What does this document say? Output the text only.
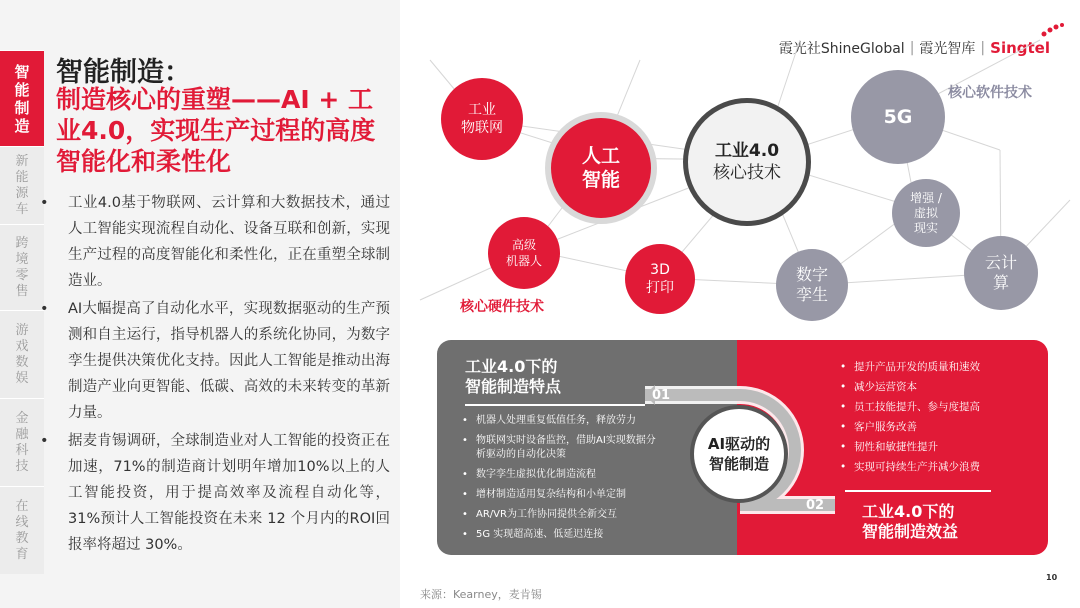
智
能
制
造
新
能
源
车
跨
境
零
售
游
戏
数
娱
金
融
科
技
在
线
教
育
智能制造：
制造核心的重塑——AI + 工业4.0，实现生产过程的高度智能化和柔性化
• 工业4.0基于物联网、云计算和大数据技术，通过人工智能实现流程自动化、设备互联和创新，实现生产过程的高度智能化和柔性化，正在重塑全球制造业。
• AI大幅提高了自动化水平，实现数据驱动的生产预测和自主运行，指导机器人的系统化协同，为数字孪生提供决策优化支持。因此人工智能是推动出海制造产业向更智能、低碳、高效的未来转变的革新力量。
• 据麦肯锡调研，全球制造业对人工智能的投资正在加速，71%的制造商计划明年增加10%以上的人工智能投资，用于提高效率及流程自动化等，31%预计人工智能投资在未来 12 个月内的ROI回报率将超过 30%。
霞光社ShineGlobal | 霞光智库 | Singtel
工业
物联网
人工
智能
高级
机器人
3D
打印
工业4.0
核心技术
5G
增强 /
虚拟
现实
数字
孪生
云计
算
核心硬件技术
核心软件技术
工业4.0下的
智能制造特点
• 机器人处理重复低值任务，释放劳力
• 物联网实时设备监控，借助AI实现数据分析驱动的自动化决策
• 数字孪生虚拟优化制造流程
• 增材制造适用复杂结构和小单定制
• AR/VR为工作协同提供全新交互
• 5G 实现超高速、低延迟连接
01
02
AI驱动的
智能制造
• 提升产品开发的质量和速效
• 减少运营资本
• 员工技能提升、参与度提高
• 客户服务改善
• 韧性和敏捷性提升
• 实现可持续生产并减少浪费
工业4.0下的
智能制造效益
来源：Kearney，麦肯锡
10
